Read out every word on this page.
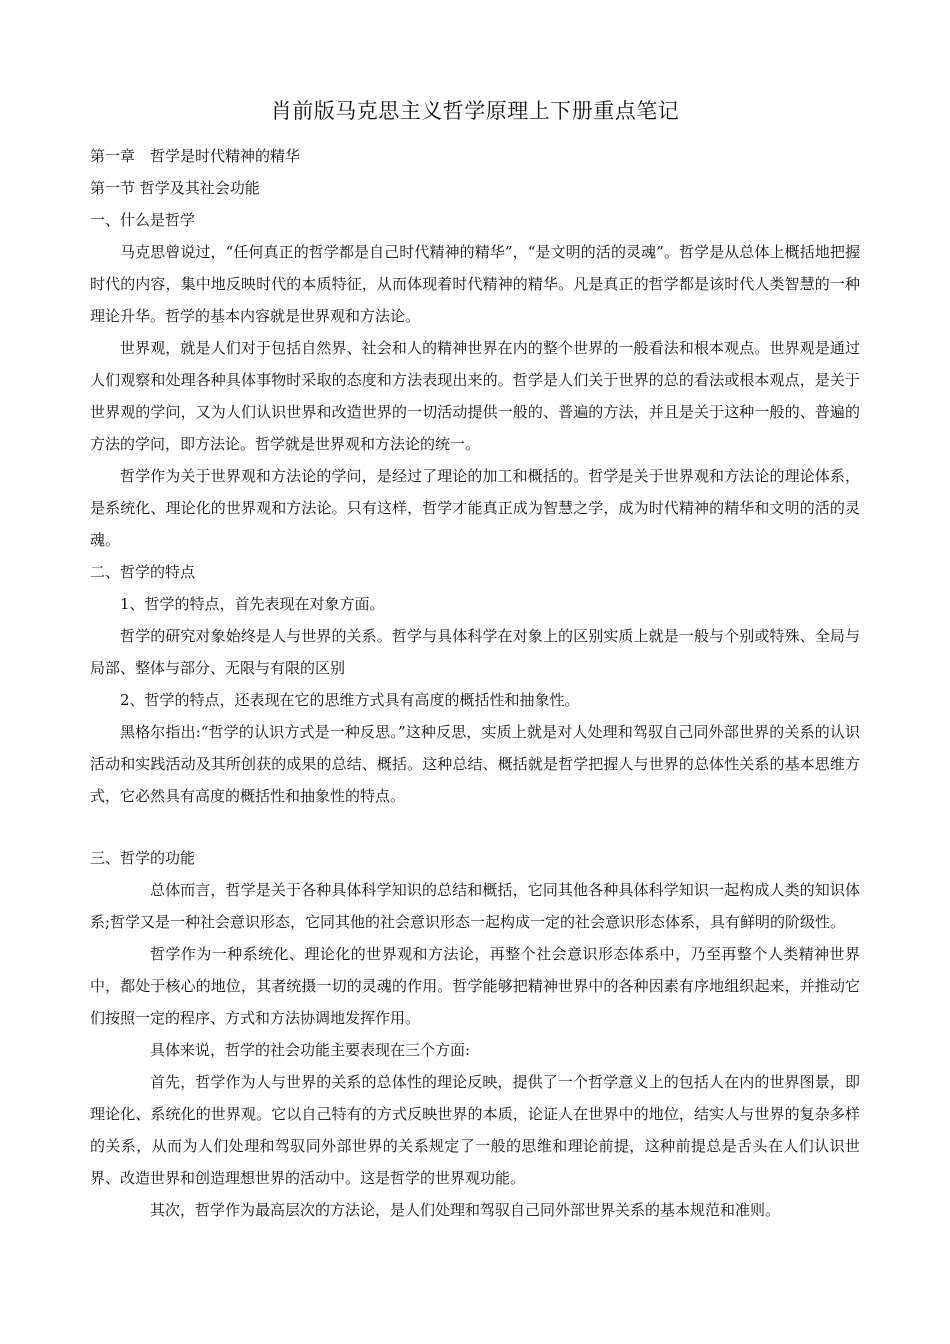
肖前版马克思主义哲学原理上下册重点笔记

第一章　哲学是时代精神的精华

第一节 哲学及其社会功能

一、什么是哲学

马克思曾说过，“任何真正的哲学都是自己时代精神的精华”，“是文明的活的灵魂”。哲学是从总体上概括地把握时代的内容，集中地反映时代的本质特征，从而体现着时代精神的精华。凡是真正的哲学都是该时代人类智慧的一种理论升华。哲学的基本内容就是世界观和方法论。

世界观，就是人们对于包括自然界、社会和人的精神世界在内的整个世界的一般看法和根本观点。世界观是通过人们观察和处理各种具体事物时采取的态度和方法表现出来的。哲学是人们关于世界的总的看法或根本观点，是关于世界观的学问，又为人们认识世界和改造世界的一切活动提供一般的、普遍的方法，并且是关于这种一般的、普遍的方法的学问，即方法论。哲学就是世界观和方法论的统一。

哲学作为关于世界观和方法论的学问，是经过了理论的加工和概括的。哲学是关于世界观和方法论的理论体系，是系统化、理论化的世界观和方法论。只有这样，哲学才能真正成为智慧之学，成为时代精神的精华和文明的活的灵魂。

二、哲学的特点

1、哲学的特点，首先表现在对象方面。

哲学的研究对象始终是人与世界的关系。哲学与具体科学在对象上的区别实质上就是一般与个别或特殊、全局与局部、整体与部分、无限与有限的区别

2、哲学的特点，还表现在它的思维方式具有高度的概括性和抽象性。

黑格尔指出:“哲学的认识方式是一种反思。”这种反思，实质上就是对人处理和驾驭自己同外部世界的关系的认识活动和实践活动及其所创获的成果的总结、概括。这种总结、概括就是哲学把握人与世界的总体性关系的基本思维方式，它必然具有高度的概括性和抽象性的特点。

三、哲学的功能

总体而言，哲学是关于各种具体科学知识的总结和概括，它同其他各种具体科学知识一起构成人类的知识体系;哲学又是一种社会意识形态，它同其他的社会意识形态一起构成一定的社会意识形态体系，具有鲜明的阶级性。

哲学作为一种系统化、理论化的世界观和方法论，再整个社会意识形态体系中，乃至再整个人类精神世界中，都处于核心的地位，其者统摄一切的灵魂的作用。哲学能够把精神世界中的各种因素有序地组织起来，并推动它们按照一定的程序、方式和方法协调地发挥作用。

具体来说，哲学的社会功能主要表现在三个方面:

首先，哲学作为人与世界的关系的总体性的理论反映，提供了一个哲学意义上的包括人在内的世界图景，即理论化、系统化的世界观。它以自己特有的方式反映世界的本质，论证人在世界中的地位，结实人与世界的复杂多样的关系，从而为人们处理和驾驭同外部世界的关系规定了一般的思维和理论前提，这种前提总是舌头在人们认识世界、改造世界和创造理想世界的活动中。这是哲学的世界观功能。

其次，哲学作为最高层次的方法论，是人们处理和驾驭自己同外部世界关系的基本规范和准则。
